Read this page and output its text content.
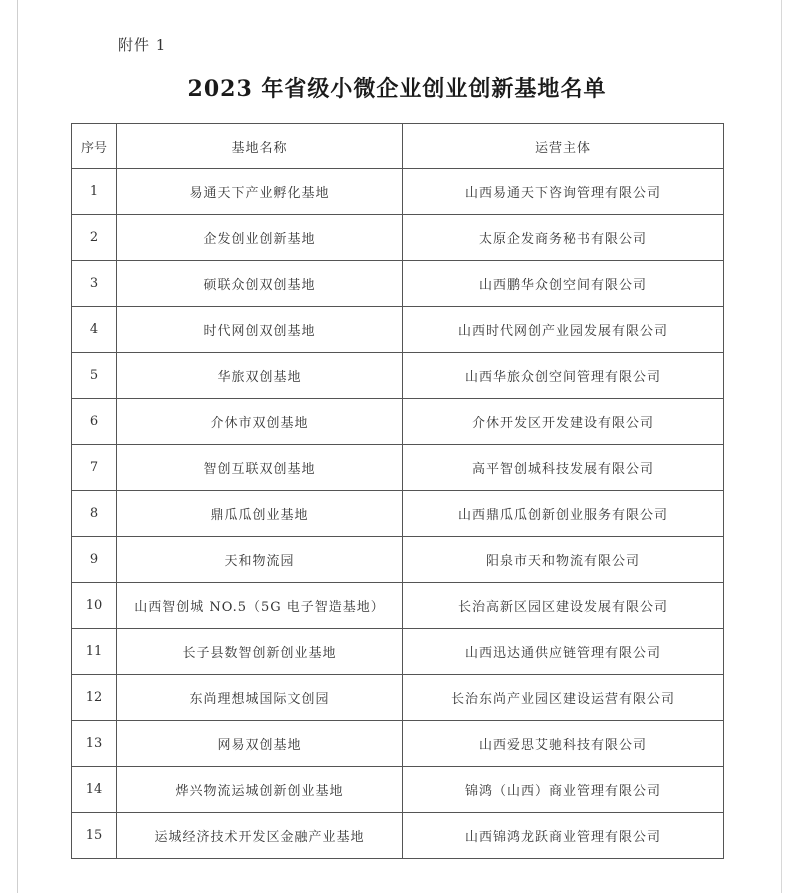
附件 1
2023 年省级小微企业创业创新基地名单
序号	基地名称	运营主体
1	易通天下产业孵化基地	山西易通天下咨询管理有限公司
2	企发创业创新基地	太原企发商务秘书有限公司
3	硕联众创双创基地	山西鹏华众创空间有限公司
4	时代网创双创基地	山西时代网创产业园发展有限公司
5	华旅双创基地	山西华旅众创空间管理有限公司
6	介休市双创基地	介休开发区开发建设有限公司
7	智创互联双创基地	高平智创城科技发展有限公司
8	鼎瓜瓜创业基地	山西鼎瓜瓜创新创业服务有限公司
9	天和物流园	阳泉市天和物流有限公司
10	山西智创城 NO.5（5G 电子智造基地）	长治高新区园区建设发展有限公司
11	长子县数智创新创业基地	山西迅达通供应链管理有限公司
12	东尚理想城国际文创园	长治东尚产业园区建设运营有限公司
13	网易双创基地	山西爱思艾驰科技有限公司
14	烨兴物流运城创新创业基地	锦鸿（山西）商业管理有限公司
15	运城经济技术开发区金融产业基地	山西锦鸿龙跃商业管理有限公司
